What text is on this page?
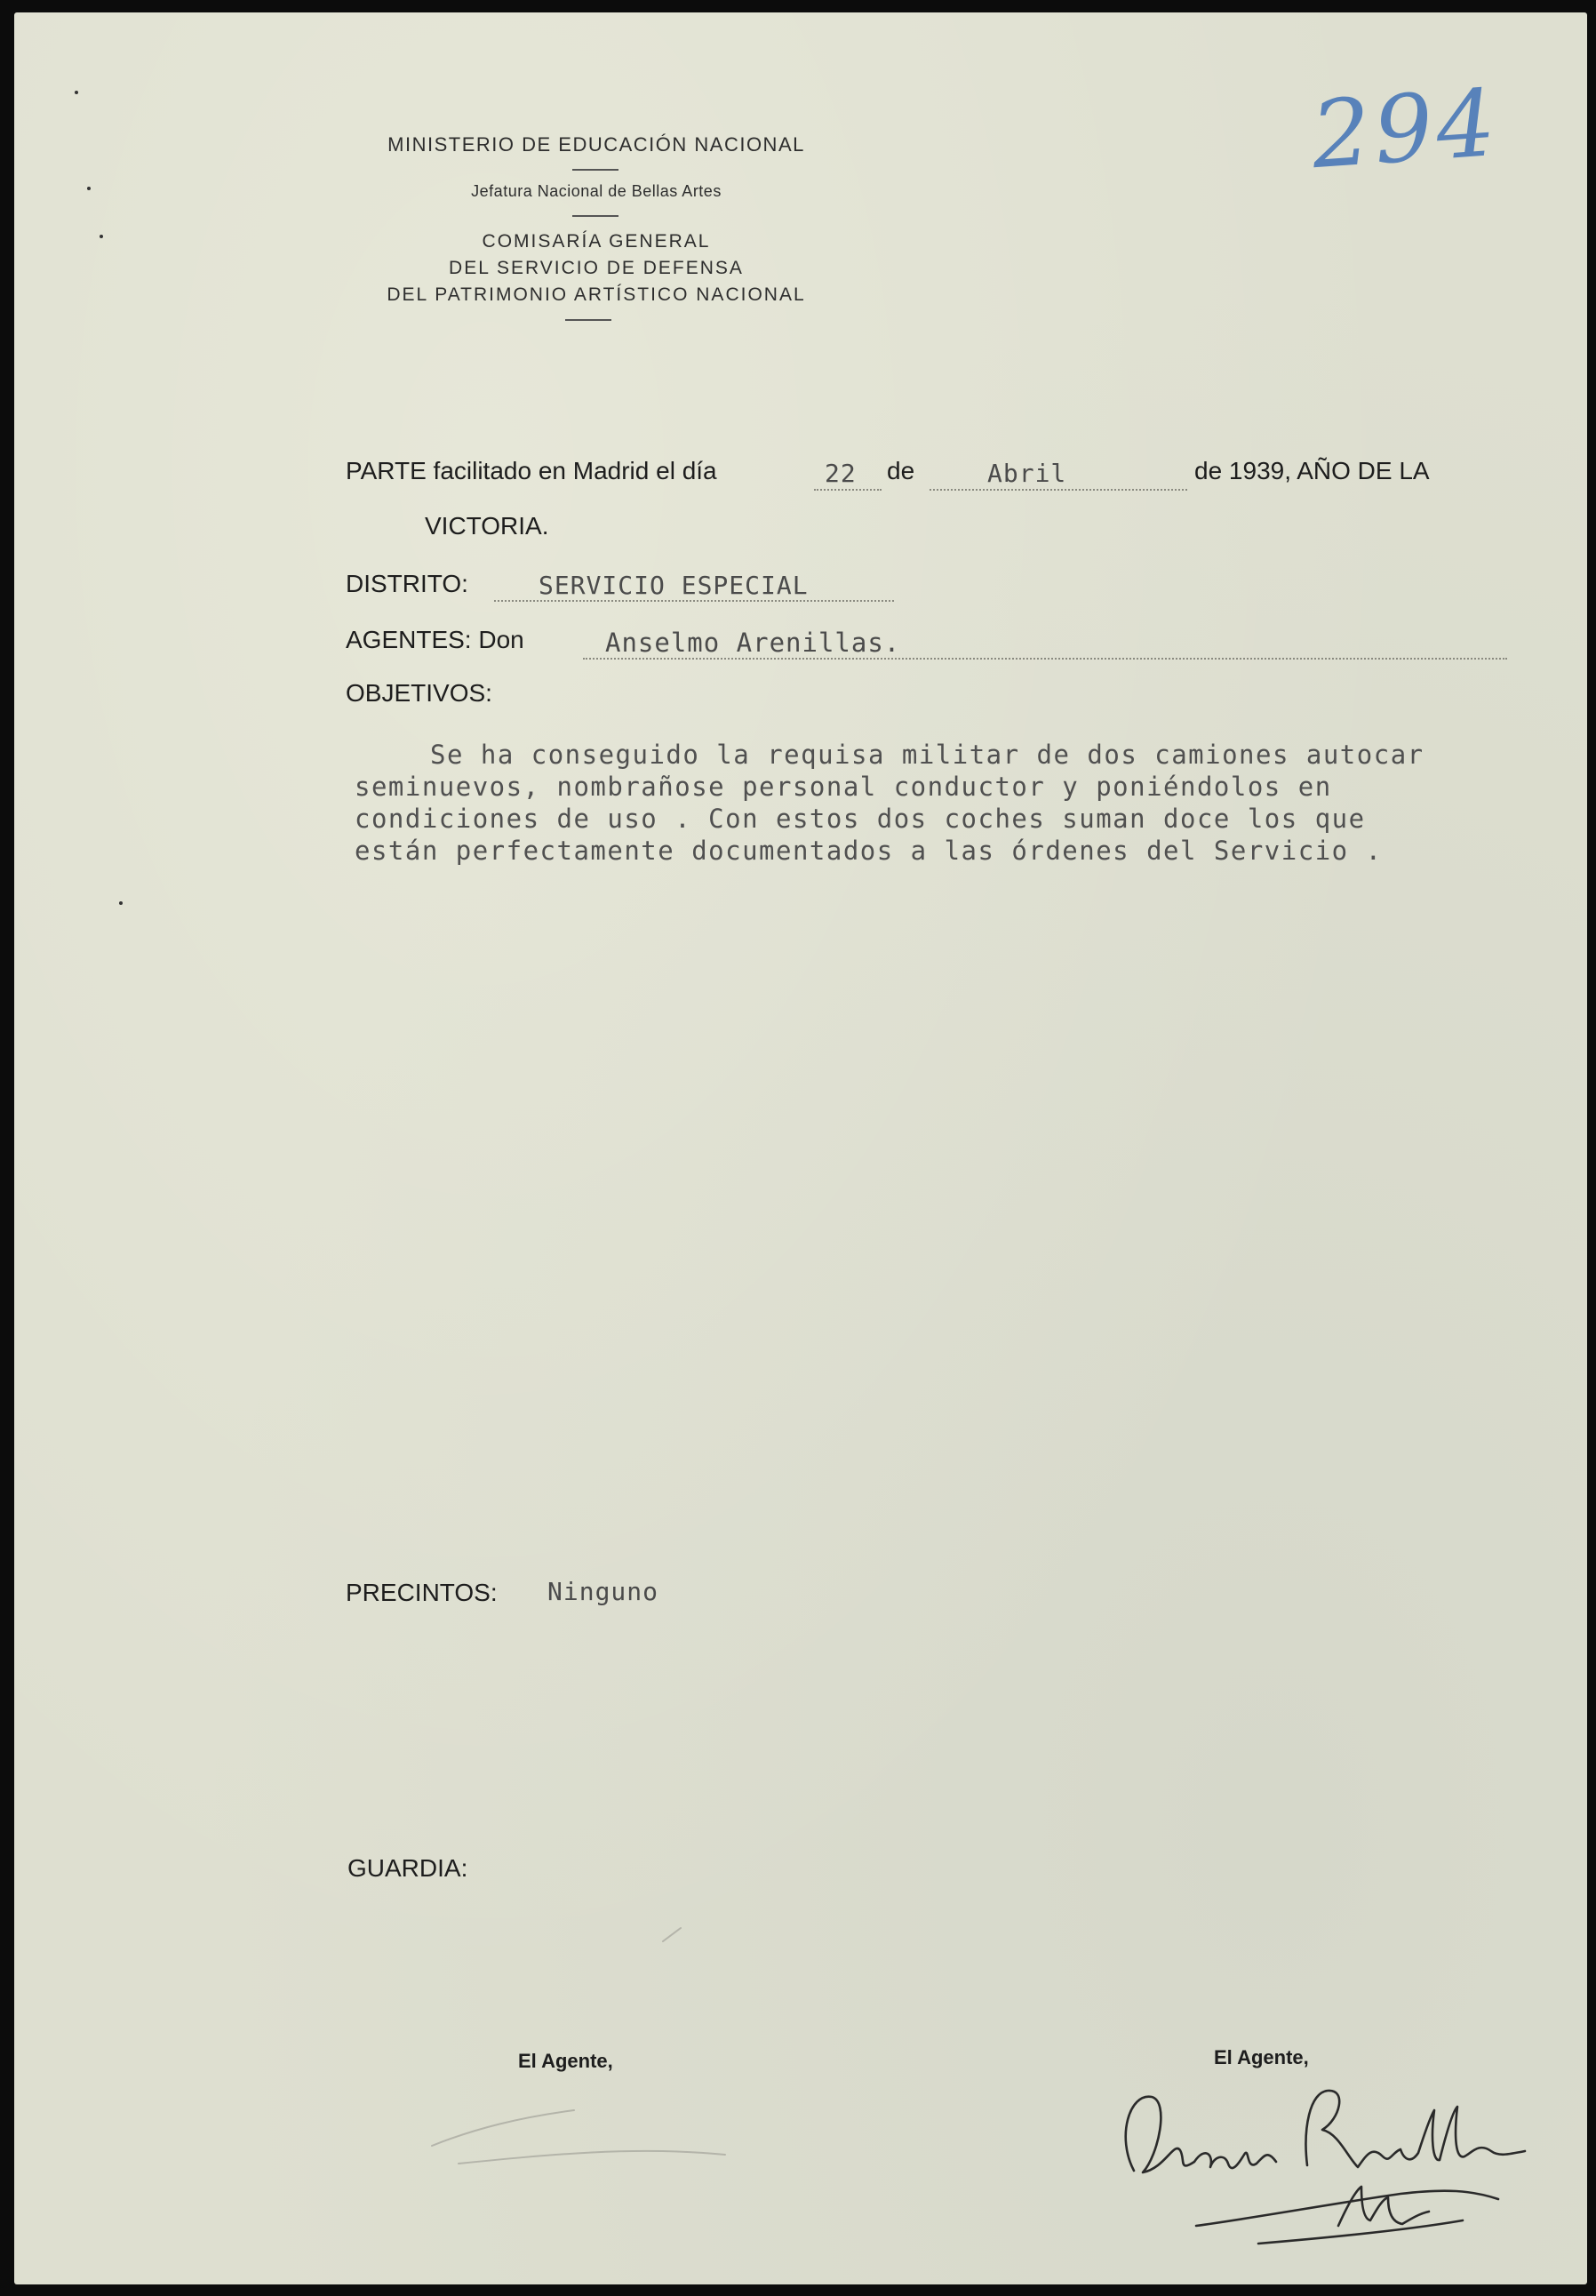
294
MINISTERIO DE EDUCACIÓN NACIONAL
Jefatura Nacional de Bellas Artes
COMISARÍA GENERAL
DEL SERVICIO DE DEFENSA
DEL PATRIMONIO ARTÍSTICO NACIONAL
PARTE facilitado en Madrid el día	22 de	Abril	de 1939, AÑO DE LA
VICTORIA.
DISTRITO:	SERVICIO ESPECIAL
AGENTES: Don	Anselmo Arenillas.
OBJETIVOS:
Se ha conseguido la requisa militar de dos camiones autocar
seminuevos, nombrañose personal conductor y poniéndolos en
condiciones de uso . Con estos dos coches suman doce los que
están perfectamente documentados a las órdenes del Servicio .
PRECINTOS: Ninguno
GUARDIA:
El Agente,	El Agente,
